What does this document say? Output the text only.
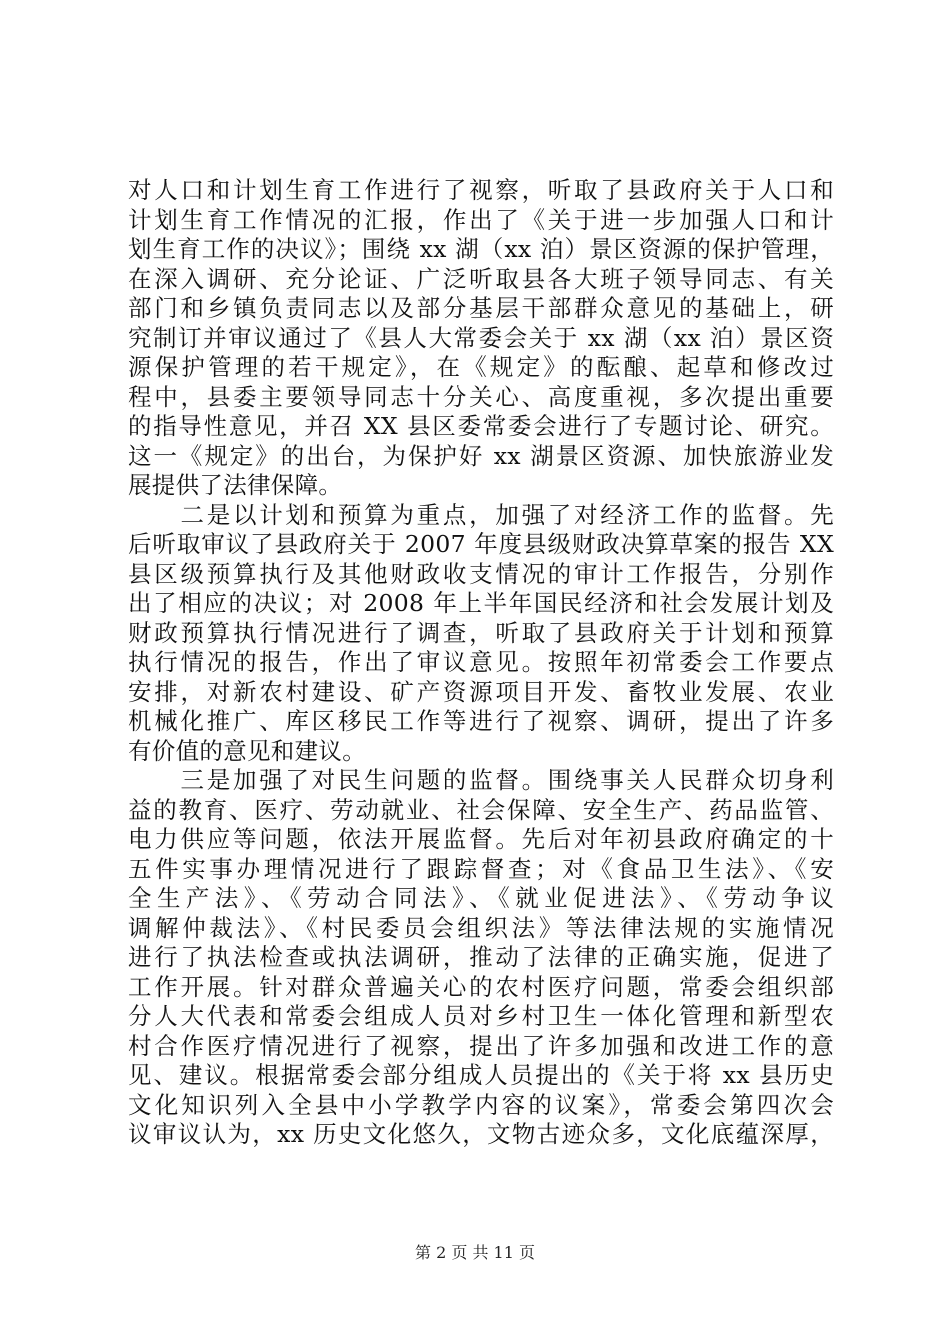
对人口和计划生育工作进行了视察，听取了县政府关于人口和
计划生育工作情况的汇报，作出了《关于进一步加强人口和计
划生育工作的决议》；围绕 xx 湖（xx 泊）景区资源的保护管理，
在深入调研、充分论证、广泛听取县各大班子领导同志、有关
部门和乡镇负责同志以及部分基层干部群众意见的基础上，研
究制订并审议通过了《县人大常委会关于 xx 湖（xx 泊）景区资
源保护管理的若干规定》，在《规定》的酝酿、起草和修改过
程中，县委主要领导同志十分关心、高度重视，多次提出重要
的指导性意见，并召 XX 县区委常委会进行了专题讨论、研究。
这一《规定》的出台，为保护好 xx 湖景区资源、加快旅游业发
展提供了法律保障。
　　二是以计划和预算为重点，加强了对经济工作的监督。先
后听取审议了县政府关于 2007 年度县级财政决算草案的报告 XX
县区级预算执行及其他财政收支情况的审计工作报告，分别作
出了相应的决议；对 2008 年上半年国民经济和社会发展计划及
财政预算执行情况进行了调查，听取了县政府关于计划和预算
执行情况的报告，作出了审议意见。按照年初常委会工作要点
安排，对新农村建设、矿产资源项目开发、畜牧业发展、农业
机械化推广、库区移民工作等进行了视察、调研，提出了许多
有价值的意见和建议。
　　三是加强了对民生问题的监督。围绕事关人民群众切身利
益的教育、医疗、劳动就业、社会保障、安全生产、药品监管、
电力供应等问题，依法开展监督。先后对年初县政府确定的十
五件实事办理情况进行了跟踪督查；对《食品卫生法》、《安
全生产法》、《劳动合同法》、《就业促进法》、《劳动争议
调解仲裁法》、《村民委员会组织法》等法律法规的实施情况
进行了执法检查或执法调研，推动了法律的正确实施，促进了
工作开展。针对群众普遍关心的农村医疗问题，常委会组织部
分人大代表和常委会组成人员对乡村卫生一体化管理和新型农
村合作医疗情况进行了视察，提出了许多加强和改进工作的意
见、建议。根据常委会部分组成人员提出的《关于将 xx 县历史
文化知识列入全县中小学教学内容的议案》，常委会第四次会
议审议认为，xx 历史文化悠久，文物古迹众多，文化底蕴深厚，
第 2 页 共 11 页
